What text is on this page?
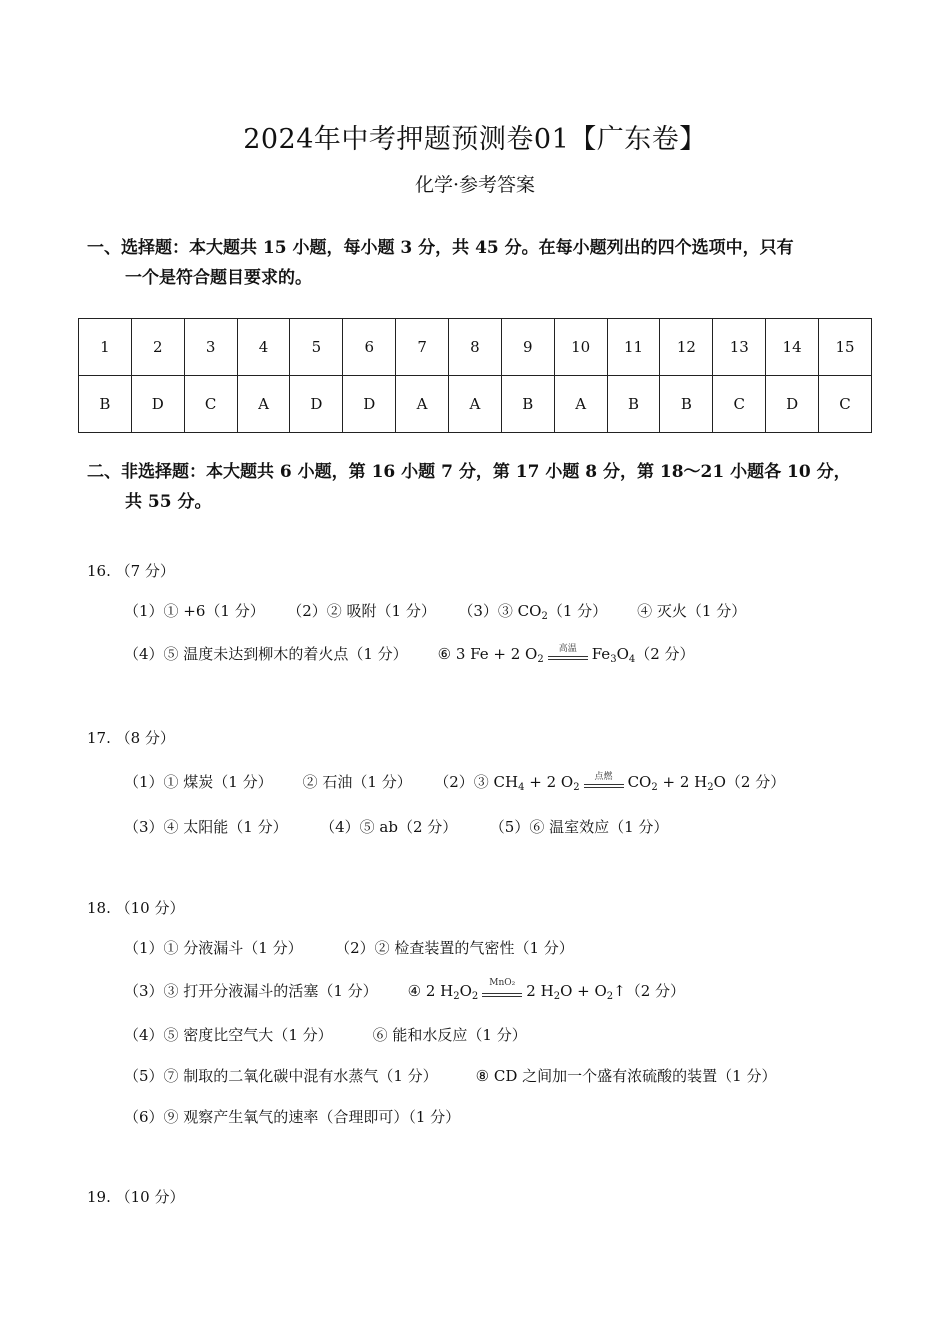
2024年中考押题预测卷01【广东卷】
化学·参考答案
一、选择题：本大题共 15 小题，每小题 3 分，共 45 分。在每小题列出的四个选项中，只有
一个是符合题目要求的。
1	2	3	4	5	6	7	8	9	10	11	12	13	14	15
B	D	C	A	D	D	A	A	B	A	B	B	C	D	C
二、非选择题：本大题共 6 小题，第 16 小题 7 分，第 17 小题 8 分，第 18～21 小题各 10 分，
共 55 分。
16. （7 分）
（1）① +6（1 分） （2）② 吸附（1 分） （3）③ $CO_2(1$ 分） ④ 灭火（1 分）
（4）⑤ 温度未达到柳木的着火点（1 分） ⑥ 3 Fe + 2 $O_2$
高温	$Fe_3O_4(2$ 分）
17. （8 分）
（1）① 煤炭（1 分） ② 石油（1 分） （2）③ $CH_4 + 2$ $O_2$
点燃	$CO_2 + 2$ $H_2O(2$ 分）
（3）④ 太阳能（1 分）	（4）⑤ ab（2 分）	（5）⑥ 温室效应（1 分）
18. （10 分）
（1）① 分液漏斗（1 分）	（2）② 检查装置的气密性（1 分）
（3）③ 打开分液漏斗的活塞（1 分） ④ 2 $H_2O_2$
MnO₂ 2 $H_2O$ + $O_2↑(2$ 分）
（4）⑤ 密度比空气大（1 分）	⑥ 能和水反应（1 分）
（5）⑦ 制取的二氧化碳中混有水蒸气（1 分）	⑧ CD 之间加一个盛有浓硫酸的装置（1 分）
（6）⑨ 观察产生氧气的速率（合理即可）（1 分）
19. （10 分）
